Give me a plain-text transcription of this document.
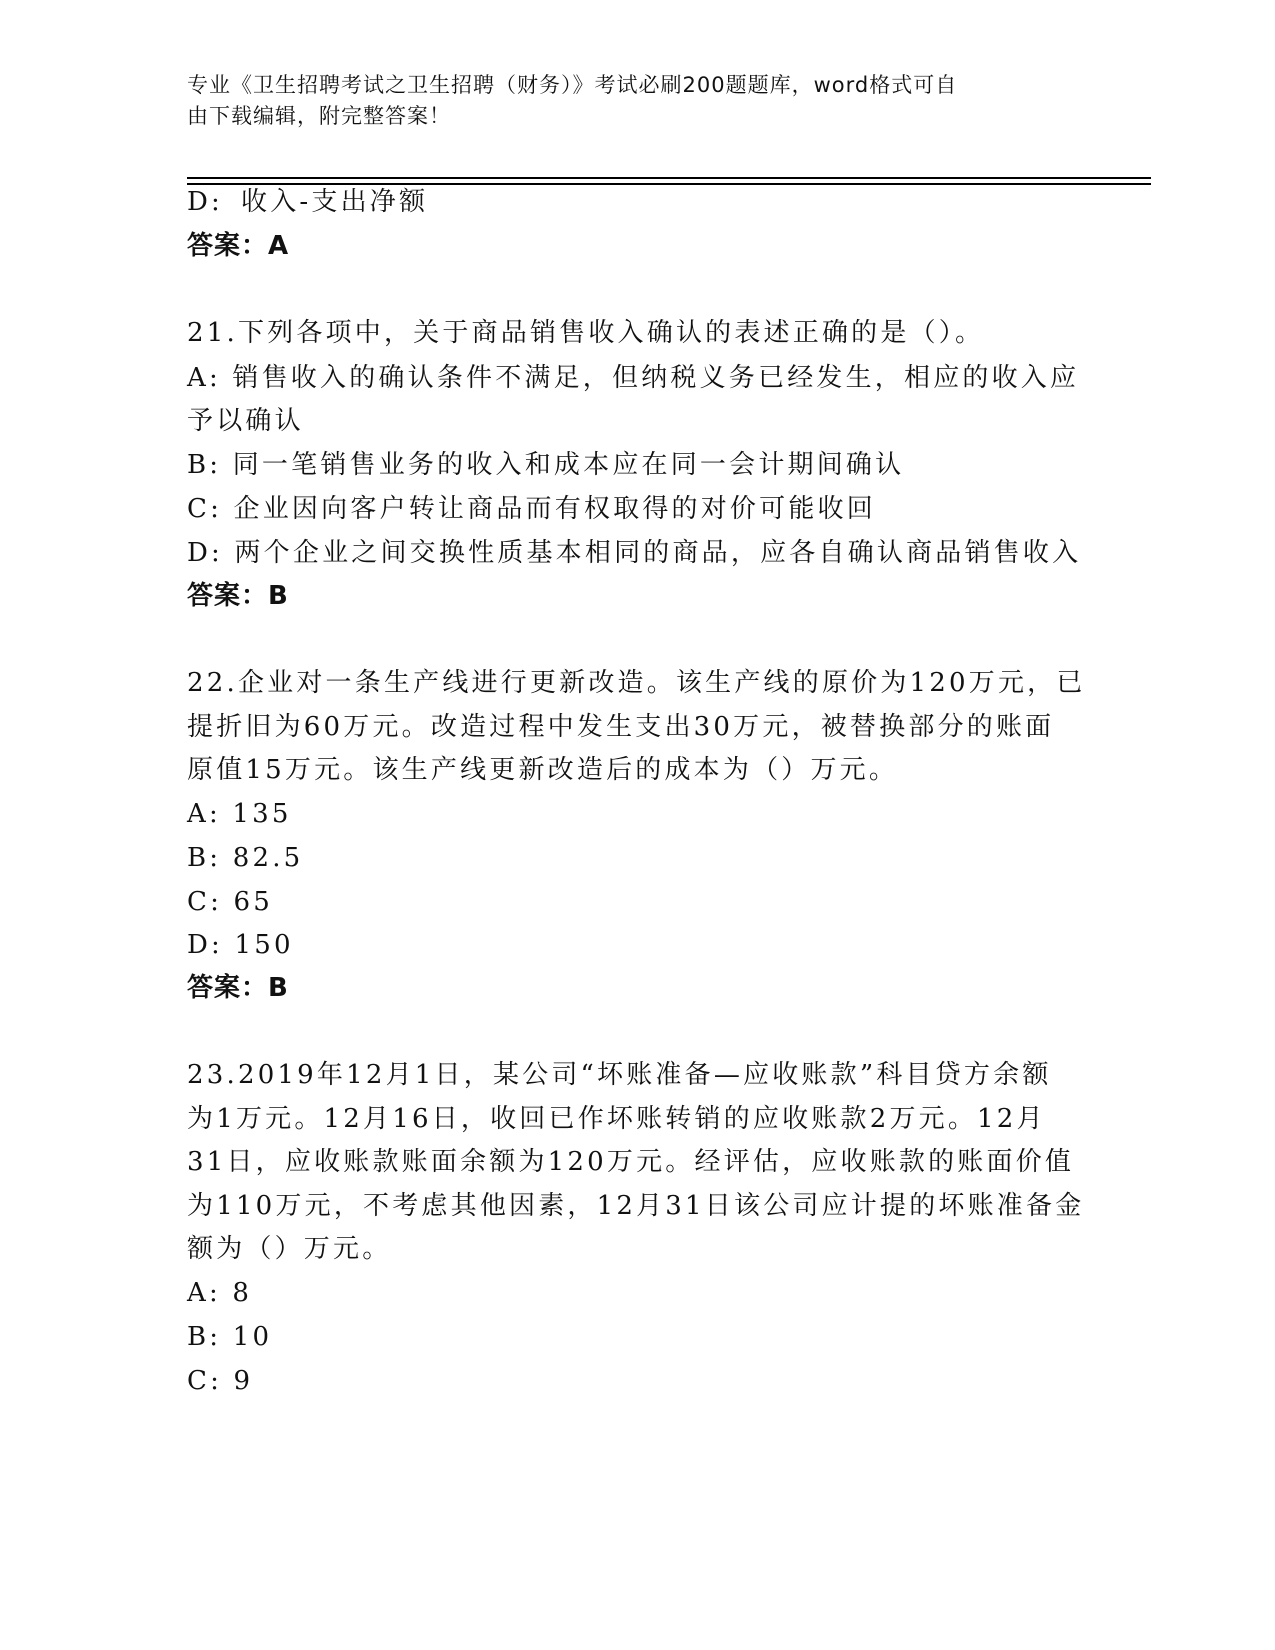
专业《卫生招聘考试之卫生招聘（财务）》考试必刷200题题库，word格式可自
由下载编辑，附完整答案！
D: 收入-支出净额
答案：A
21.下列各项中，关于商品销售收入确认的表述正确的是（）。
A: 销售收入的确认条件不满足，但纳税义务已经发生，相应的收入应
予以确认
B: 同一笔销售业务的收入和成本应在同一会计期间确认
C: 企业因向客户转让商品而有权取得的对价可能收回
D: 两个企业之间交换性质基本相同的商品，应各自确认商品销售收入
答案：B
22.企业对一条生产线进行更新改造。该生产线的原价为120万元，已
提折旧为60万元。改造过程中发生支出30万元，被替换部分的账面
原值15万元。该生产线更新改造后的成本为（）万元。
A: 135
B: 82.5
C: 65
D: 150
答案：B
23.2019年12月1日，某公司“坏账准备—应收账款”科目贷方余额
为1万元。12月16日，收回已作坏账转销的应收账款2万元。12月
31日，应收账款账面余额为120万元。经评估，应收账款的账面价值
为110万元，不考虑其他因素，12月31日该公司应计提的坏账准备金
额为（）万元。
A: 8
B: 10
C: 9
